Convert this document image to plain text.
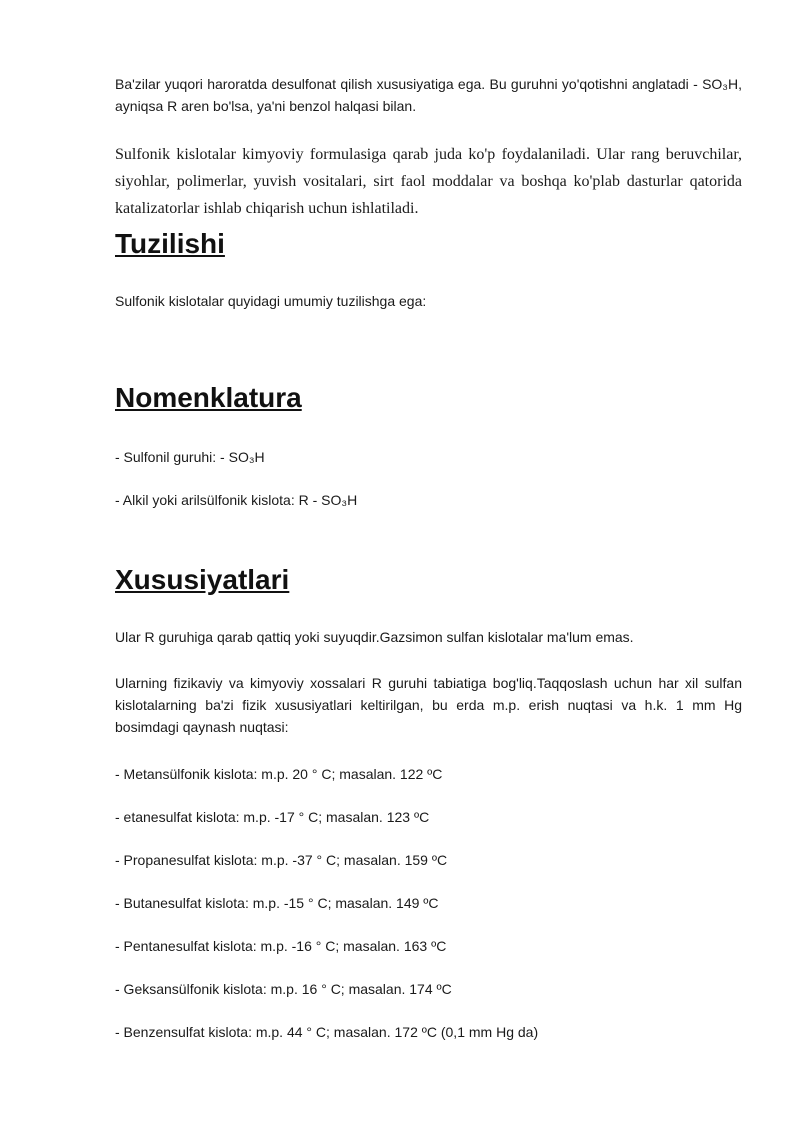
Ba'zilar yuqori haroratda desulfonat qilish xususiyatiga ega. Bu guruhni yo'qotishni anglatadi - SO₃H, ayniqsa R aren bo'lsa, ya'ni benzol halqasi bilan.

Sulfonik kislotalar kimyoviy formulasiga qarab juda ko'p foydalaniladi. Ular rang beruvchilar, siyohlar, polimerlar, yuvish vositalari, sirt faol moddalar va boshqa ko'plab dasturlar qatorida katalizatorlar ishlab chiqarish uchun ishlatiladi.

Tuzilishi

Sulfonik kislotalar quyidagi umumiy tuzilishga ega:

Nomenklatura

- Sulfonil guruhi: - SO₃H

- Alkil yoki arilsülfonik kislota: R - SO₃H

Xususiyatlari

Ular R guruhiga qarab qattiq yoki suyuqdir.Gazsimon sulfan kislotalar ma'lum emas.

Ularning fizikaviy va kimyoviy xossalari R guruhi tabiatiga bog'liq.Taqqoslash uchun har xil sulfan kislotalarning ba'zi fizik xususiyatlari keltirilgan, bu erda m.p. erish nuqtasi va h.k. 1 mm Hg bosimdagi qaynash nuqtasi:

- Metansülfonik kislota: m.p. 20 ° C; masalan. 122 ºC

- etanesulfat kislota: m.p. -17 ° C; masalan. 123 ºC

- Propanesulfat kislota: m.p. -37 ° C; masalan. 159 ºC

- Butanesulfat kislota: m.p. -15 ° C; masalan. 149 ºC

- Pentanesulfat kislota: m.p. -16 ° C; masalan. 163 ºC

- Geksansülfonik kislota: m.p. 16 ° C; masalan. 174 ºC

- Benzensulfat kislota: m.p. 44 ° C; masalan. 172 ºC (0,1 mm Hg da)
